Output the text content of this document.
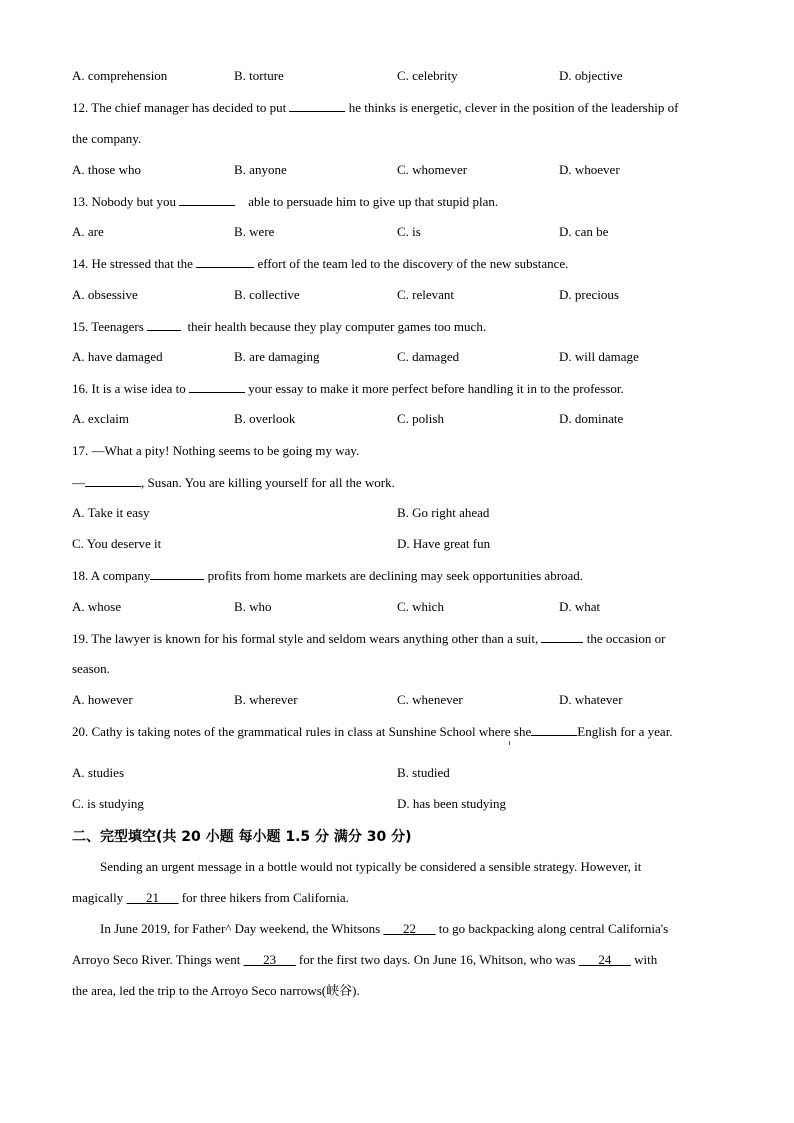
A. comprehension	B. torture	C. celebrity	D. objective
12. The chief manager has decided to put	he thinks is energetic, clever in the position of the leadership of
the company.
A. those who	B. anyone	C. whomever	D. whoever
13. Nobody but you	able to persuade him to give up that stupid plan.
A. are	B. were	C. is	D. can be
14. He stressed that the	effort of the team led to the discovery of the new substance.
A. obsessive	B. collective	C. relevant	D. precious
15. Teenagers	their health because they play computer games too much.
A. have damaged	B. are damaging	C. damaged	D. will damage
16. It is a wise idea to	your essay to make it more perfect before handling it in to the professor.
A. exclaim	B. overlook	C. polish	D. dominate
17. —What a pity! Nothing seems to be going my way.
—	, Susan. You are killing yourself for all the work.
A. Take it easy	B. Go right ahead
C. You deserve it	D. Have great fun
18. A company	profits from home markets are declining may seek opportunities abroad.
A. whose	B. who	C. which	D. what
19. The lawyer is known for his formal style and seldom wears anything other than a suit,	the occasion or
season.
A. however	B. wherever	C. whenever	D. whatever
20. Cathy is taking notes of the grammatical rules in class at Sunshine School where she	English for a year.
A. studies	B. studied
C. is studying	D. has been studying
二、完型填空(共 20 小题 每小题 1.5 分 满分 30 分)
Sending an urgent message in a bottle would not typically be considered a sensible strategy. However, it
magically ___21___ for three hikers from California.
In June 2019, for Father^ Day weekend, the Whitsons ___22___ to go backpacking along central California's
Arroyo Seco River. Things went ___23___ for the first two days. On June 16, Whitson, who was ___24___ with
the area, led the trip to the Arroyo Seco narrows(峡谷).
